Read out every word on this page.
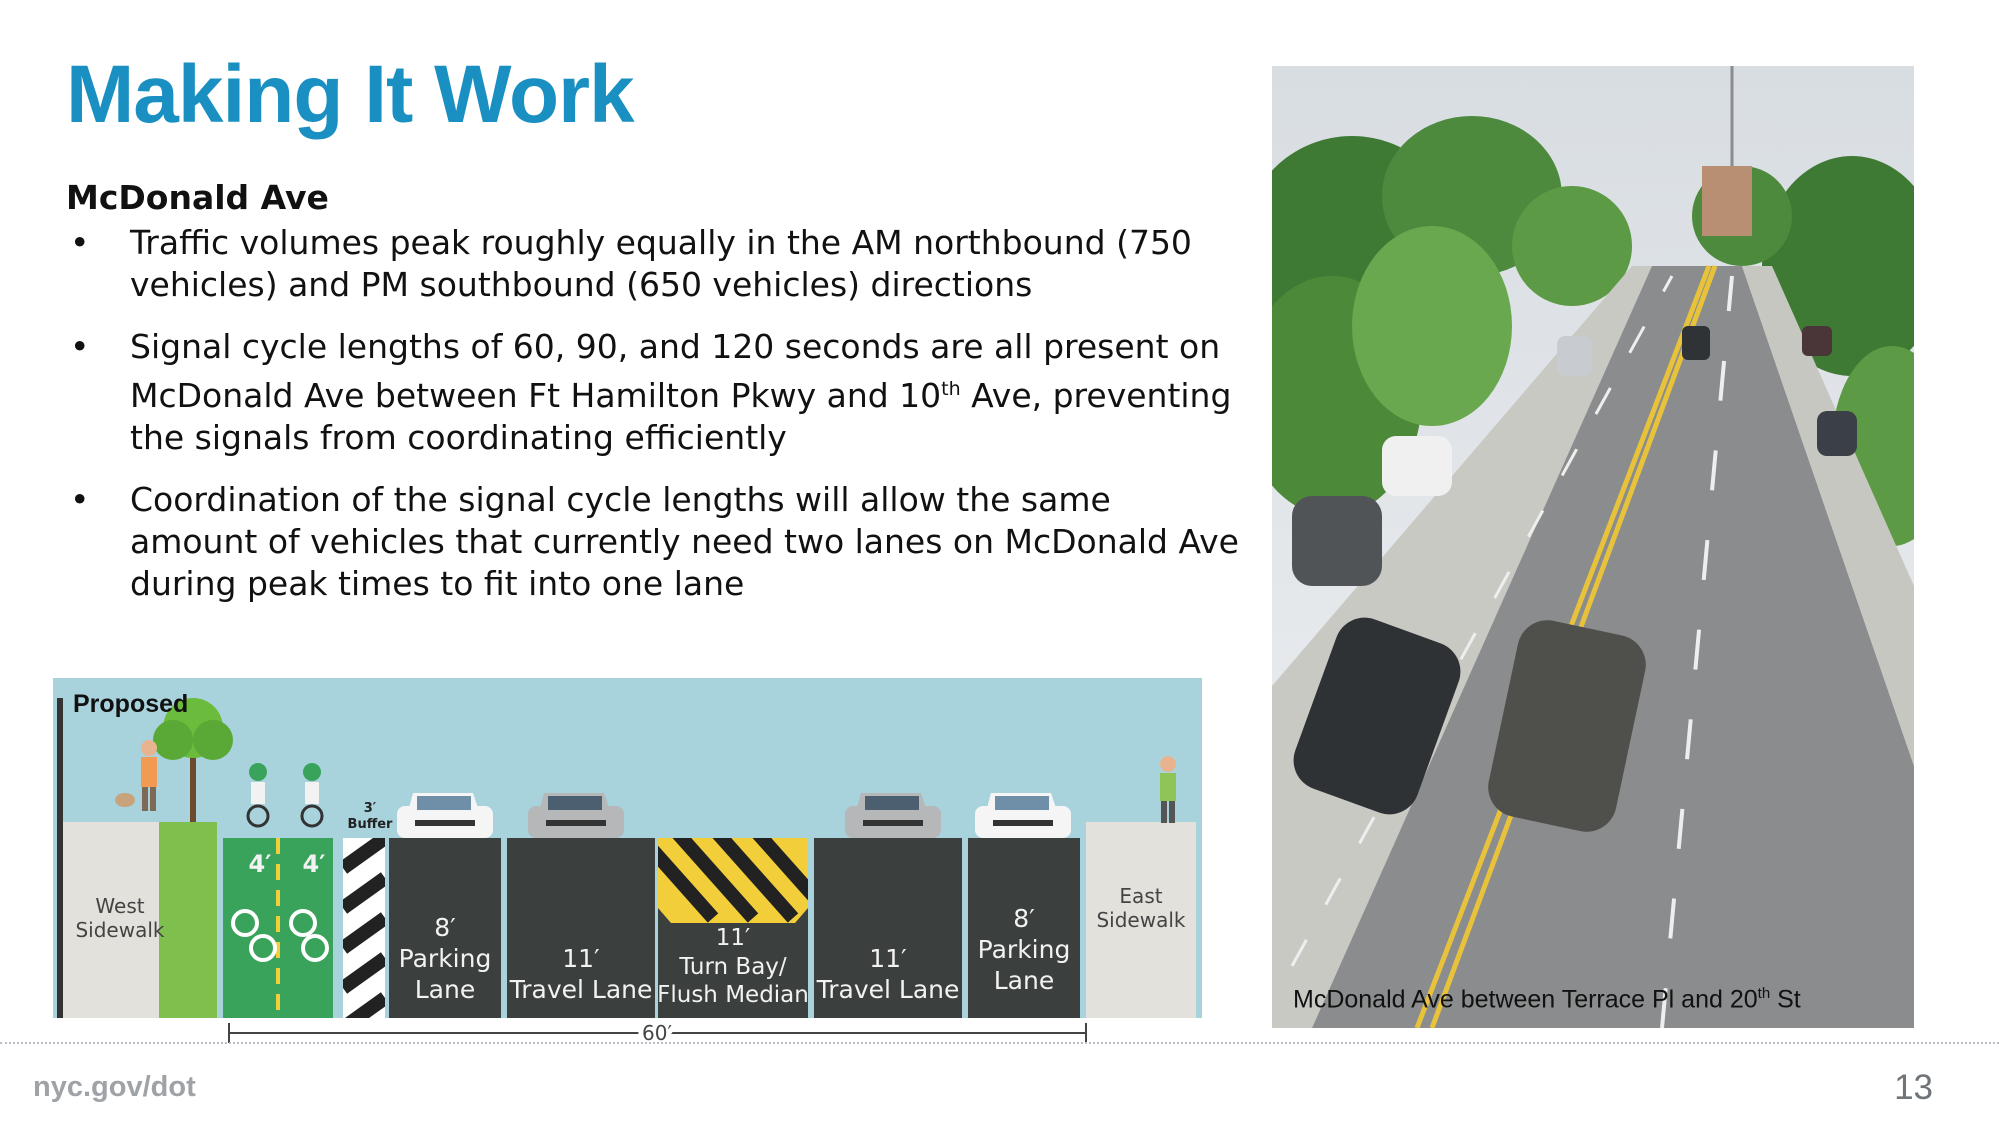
Making It Work
McDonald Ave
• Traffic volumes peak roughly equally in the AM northbound (750 vehicles) and PM southbound (650 vehicles) directions
• Signal cycle lengths of 60, 90, and 120 seconds are all present on McDonald Ave between Ft Hamilton Pkwy and 10th Ave, preventing the signals from coordinating efficiently
• Coordination of the signal cycle lengths will allow the same amount of vehicles that currently need two lanes on McDonald Ave during peak times to fit into one lane
West
Sidewalk
East
Sidewalk
3′
Buffer
4′ 4′
8′
Parking
Lane
11′
Travel Lane
11′
Travel Lane
8′
Parking
Lane
11′
Turn Bay/
Flush Median
60′
Proposed
McDonald Ave between Terrace Pl and 20th St
nyc.gov/dot	13
